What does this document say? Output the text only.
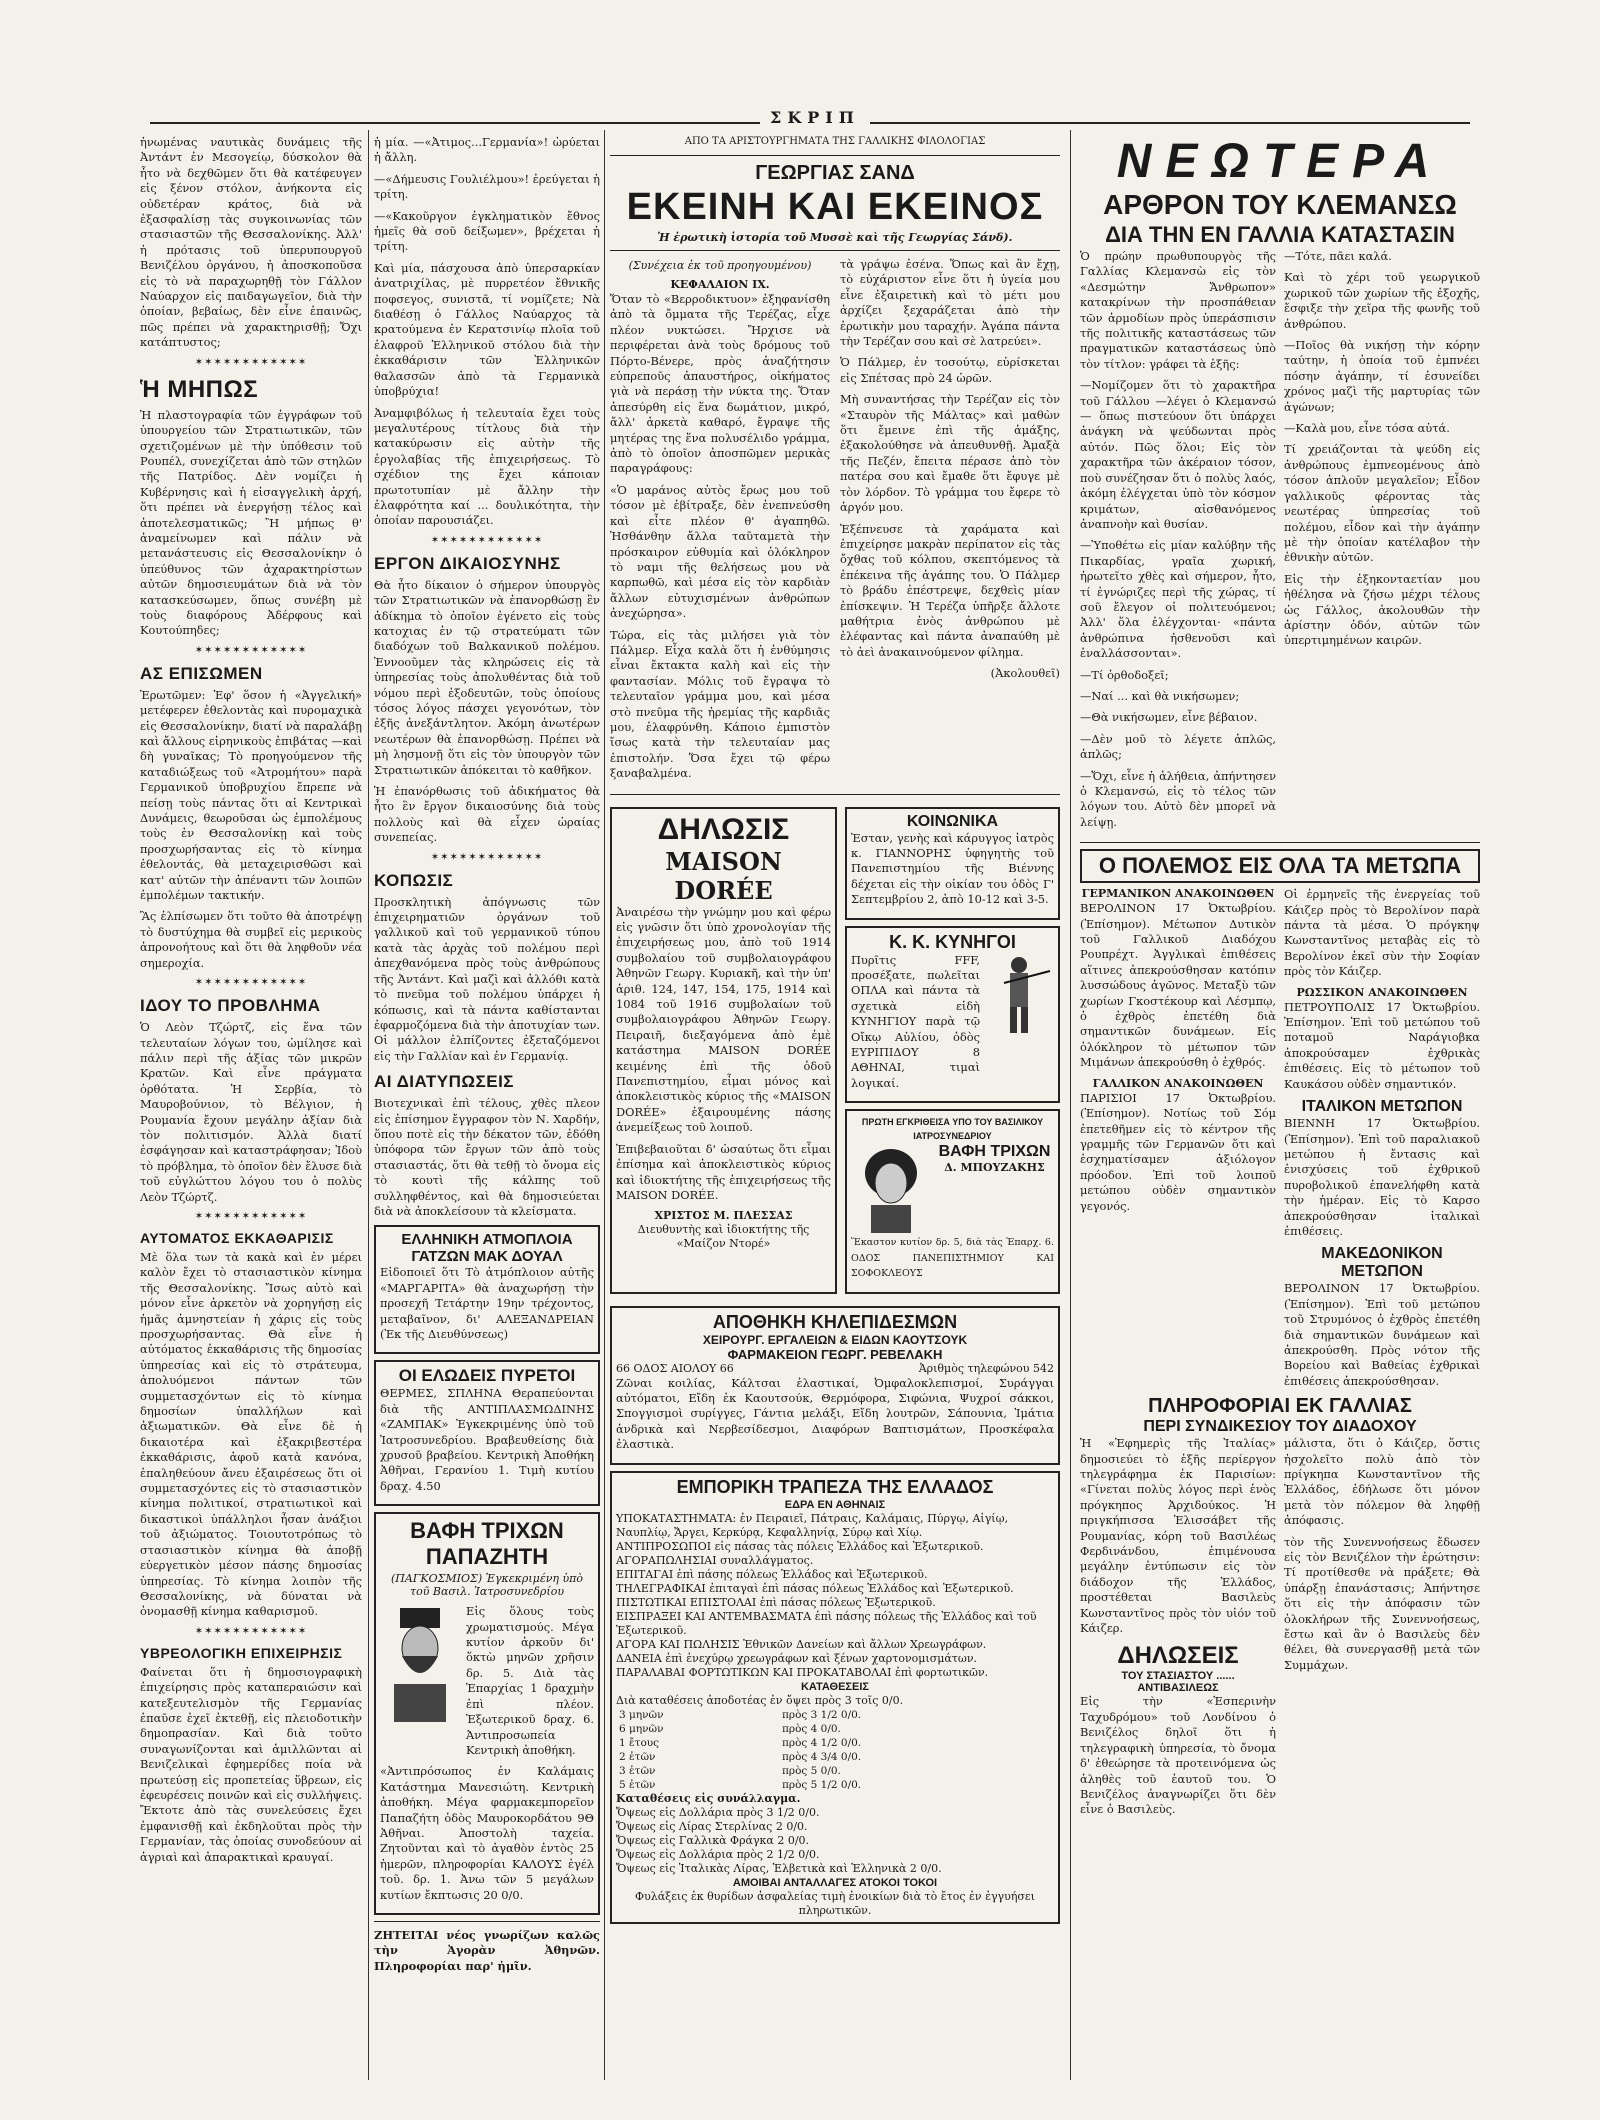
ΣΚΡΙΠ

ἡνωμένας ναυτικὰς δυνάμεις τῆς Ἀντάντ ἐν Μεσογείῳ, δύσκολον θὰ ἦτο νὰ δεχθῶμεν ὅτι θὰ κατέφευγεν εἰς ξένον στόλον, ἀνήκοντα εἰς οὐδετέραν κράτος, διὰ νὰ ἐξασφαλίσῃ τὰς συγκοινωνίας τῶν στασιαστῶν τῆς Θεσσαλονίκης. Ἀλλ' ἡ πρότασις τοῦ ὑπερυπουργοῦ Βενιζέλου ὀργάνου, ἡ ἀποσκοποῦσα εἰς τὸ νὰ παραχωρηθῇ τὸν Γάλλον Ναύαρχον εἰς παιδαγωγεῖον, διὰ τὴν ὁποίαν, βεβαίως, δὲν εἶνε ἐπαινῶς, πῶς πρέπει νὰ χαρακτηρισθῇ; Ὄχι κατάπτυστος;

✶✶✶✶✶✶✶✶✶✶✶✶
Ἡ ΜΗΠΩΣ

Ἡ πλαστογραφία τῶν ἐγγράφων τοῦ ὑπουργείου τῶν Στρατιωτικῶν, τῶν σχετιζομένων μὲ τὴν ὑπόθεσιν τοῦ Ρουπέλ, συνεχίζεται ἀπὸ τῶν στηλῶν τῆς Πατρίδος. Δὲν νομίζει ἡ Κυβέρνησις καὶ ἡ εἰσαγγελικὴ ἀρχή, ὅτι πρέπει νὰ ἐνεργήσῃ τέλος καὶ ἀποτελεσματικῶς; Ἢ μήπως θ' ἀναμείνωμεν καὶ πάλιν νὰ μετανάστευσις εἰς Θεσσαλονίκην ὁ ὑπεύθυνος τῶν ἀχαρακτηρίστων αὐτῶν δημοσιευμάτων διὰ νὰ τὸν κατασκεύσωμεν, ὅπως συνέβη μὲ τοὺς διαφόρους Ἀδέρφους καὶ Κουτούπηδες;

✶✶✶✶✶✶✶✶✶✶✶✶
ΑΣ ΕΠΙΣΩΜΕΝ

Ἐρωτῶμεν: Ἐφ' ὅσον ἡ «Ἀγγελική» μετέφερεν ἐθελοντὰς καὶ πυρομαχικὰ εἰς Θεσσαλονίκην, διατί νὰ παραλάβῃ καὶ ἄλλους εἰρηνικοὺς ἐπιβάτας —καὶ δὴ γυναῖκας; Τὸ προηγούμενον τῆς καταδιώξεως τοῦ «Ἀτρομήτου» παρὰ Γερμανικοῦ ὑποβρυχίου ἔπρεπε νὰ πείσῃ τοὺς πάντας ὅτι αἱ Κεντρικαὶ Δυνάμεις, θεωροῦσαι ὡς ἐμπολέμους τοὺς ἐν Θεσσαλονίκῃ καὶ τοὺς προσχωρήσαντας εἰς τὸ κίνημα ἐθελοντάς, θὰ μεταχειρισθῶσι καὶ κατ' αὐτῶν τὴν ἀπέναντι τῶν λοιπῶν ἐμπολέμων τακτικήν.

Ἂς ἐλπίσωμεν ὅτι τοῦτο θὰ ἀποτρέψῃ τὸ δυστύχημα θὰ συμβεῖ εἰς μερικοὺς ἀπρονοήτους καὶ ὅτι θὰ ληφθοῦν νέα σημεροχία.

✶✶✶✶✶✶✶✶✶✶✶✶
ΙΔΟΥ ΤΟ ΠΡΟΒΛΗΜΑ

Ὁ Λεὸν Τζώρτζ, εἰς ἕνα τῶν τελευταίων λόγων του, ὠμίλησε καὶ πάλιν περὶ τῆς ἀξίας τῶν μικρῶν Κρατῶν. Καὶ εἶνε πράγματα ὀρθότατα. Ἡ Σερβία, τὸ Μαυροβούνιον, τὸ Βέλγιον, ἡ Ρουμανία ἔχουν μεγάλην ἀξίαν διὰ τὸν πολιτισμόν. Ἀλλὰ διατί ἐσφάγησαν καὶ καταστράφησαν; Ἰδοὺ τὸ πρόβλημα, τὸ ὁποῖον δὲν ἔλυσε διὰ τοῦ εὐγλώττου λόγου του ὁ πολὺς Λεὸν Τζώρτζ.

✶✶✶✶✶✶✶✶✶✶✶✶
ΑΥΤΟΜΑΤΟΣ ΕΚΚΑΘΑΡΙΣΙΣ

Μὲ ὅλα των τὰ κακὰ καὶ ἐν μέρει καλὸν ἔχει τὸ στασιαστικὸν κίνημα τῆς Θεσσαλονίκης. Ἴσως αὐτὸ καὶ μόνον εἶνε ἀρκετὸν νὰ χορηγήσῃ εἰς ἡμᾶς ἀμνηστείαν ἡ χάρις εἰς τοὺς προσχωρήσαντας. Θὰ εἶνε ἡ αὐτόματος ἐκκαθάρισις τῆς δημοσίας ὑπηρεσίας καὶ εἰς τὸ στράτευμα, ἀπολυόμενοι πάντων τῶν συμμετασχόντων εἰς τὸ κίνημα δημοσίων ὑπαλλήλων καὶ ἀξιωματικῶν. Θὰ εἶνε δὲ ἡ δικαιοτέρα καὶ ἐξακριβεστέρα ἐκκαθάρισις, ἀφοῦ κατὰ κανόνα, ἐπαληθεύουν ἄνευ ἐξαιρέσεως ὅτι οἱ συμμετασχόντες εἰς τὸ στασιαστικὸν κίνημα πολιτικοί, στρατιωτικοὶ καὶ δικαστικοὶ ὑπάλληλοι ἦσαν ἀνάξιοι τοῦ ἀξιώματος. Τοιουτοτρόπως τὸ στασιαστικὸν κίνημα θὰ ἀποβῇ εὐεργετικὸν μέσον πάσης δημοσίας ὑπηρεσίας. Τὸ κίνημα λοιπὸν τῆς Θεσσαλονίκης, νὰ δύναται νὰ ὀνομασθῇ κίνημα καθαρισμοῦ.

✶✶✶✶✶✶✶✶✶✶✶✶
ΥΒΡΕΟΛΟΓΙΚΗ ΕΠΙΧΕΙΡΗΣΙΣ

Φαίνεται ὅτι ἡ δημοσιογραφικὴ ἐπιχείρησις πρὸς καταπεραιώσιν καὶ κατεξευτελισμὸν τῆς Γερμανίας ἐπαῦσε ἐχεῖ ἐκτεθῇ, εἰς πλειοδοτικὴν δημοπρασίαν. Καὶ διὰ τοῦτο συναγωνίζονται καὶ ἁμιλλῶνται αἱ Βενιζελικαὶ ἐφημερίδες ποία νὰ πρωτεύσῃ εἰς προπετείας ὕβρεων, εἰς ἐφευρέσεις ποινῶν καὶ εἰς συλλήψεις. Ἔκτοτε ἀπὸ τὰς συνελεύσεις ἔχει ἐμφανισθῇ καὶ ἐκδηλοῦται πρὸς τὴν Γερμανίαν, τὰς ὁποίας συνοδεύουν αἱ ἀγριαὶ καὶ ἀπαρακτικαὶ κραυγαί.

ἡ μία. —«Ἀτιμος...Γερμανία»! ὠρύεται ἡ ἄλλη.

—«Δήμευσις Γουλιέλμου»! ἐρεύγεται ἡ τρίτη.

—«Κακοῦργον ἐγκληματικὸν ἔθνος ἡμεῖς θὰ σοῦ δείξωμεν», βρέχεται ἡ τρίτη.

Καὶ μία, πάσχουσα ἀπὸ ὑπερσαρκίαν ἀνατριχίλας, μὲ πυρρετέον ἔθνικῆς ποφσεγος, συνιστᾶ, τί νομίζετε; Νὰ διαθέσῃ ὁ Γάλλος Ναύαρχος τὰ κρατούμενα ἐν Κερατσινίῳ πλοῖα τοῦ ἐλαφροῦ Ἑλληνικοῦ στόλου διὰ τὴν ἐκκαθάρισιν τῶν Ἑλληνικῶν θαλασσῶν ἀπὸ τὰ Γερμανικὰ ὑποβρύχια!

Ἀναμφιβόλως ἡ τελευταία ἔχει τοὺς μεγαλυτέρους τίτλους διὰ τὴν κατακύρωσιν εἰς αὐτὴν τῆς ἐργολαβίας τῆς ἐπιχειρήσεως. Τὸ σχέδιον της ἔχει κάποιαν πρωτοτυπίαν μὲ ἄλλην τὴν ἐλαφρότητα καί ... δουλικότητα, τὴν ὁποίαν παρουσιάζει.

✶✶✶✶✶✶✶✶✶✶✶✶
ΕΡΓΟΝ ΔΙΚΑΙΟΣΥΝΗΣ

Θὰ ἦτο δίκαιον ὁ σήμερον ὑπουργὸς τῶν Στρατιωτικῶν νὰ ἐπανορθώσῃ ἓν ἀδίκημα τὸ ὁποῖον ἐγένετο εἰς τοὺς κατοχιας ἐν τῷ στρατεύματι τῶν διαδόχων τοῦ Βαλκανικοῦ πολέμου. Ἐννοοῦμεν τὰς κληρώσεις εἰς τὰ ὑπηρεσίας τοὺς ἀπολυθέντας διὰ τοῦ νόμου περὶ ἐξοδευτῶν, τοὺς ὁποίους τόσος λόγος πάσχει γεγονότων, τὸν ἐξῆς ἀνεξάντλητον. Ἀκόμη ἀνωτέρων νεωτέρων θὰ ἐπανορθώσῃ. Πρέπει νὰ μὴ λησμονῇ ὅτι εἰς τὸν ὑπουργὸν τῶν Στρατιωτικῶν ἀπόκειται τὸ καθῆκον.

Ἡ ἐπανόρθωσις τοῦ ἀδικήματος θὰ ἦτο ἓν ἔργον δικαιοσύνης διὰ τοὺς πολλοὺς καὶ θὰ εἶχεν ὡραίας συνεπείας.

✶✶✶✶✶✶✶✶✶✶✶✶
ΚΟΠΩΣΙΣ

Προσκλητικὴ ἀπόγνωσις τῶν ἐπιχειρηματιῶν ὀργάνων τοῦ γαλλικοῦ καὶ τοῦ γερμανικοῦ τύπου κατὰ τὰς ἀρχὰς τοῦ πολέμου περὶ ἀπεχθανόμενα πρὸς τοὺς ἀνθρώπους τῆς Ἀντάντ. Καὶ μαζὶ καὶ ἀλλόθι κατὰ τὸ πνεῦμα τοῦ πολέμου ὑπάρχει ἡ κόπωσις, καὶ τὰ πάντα καθίστανται ἐφαρμοζόμενα διὰ τὴν ἀποτυχίαν των. Οἱ μάλλον ἐλπίζοντες ἐξεταζόμενοι εἰς τὴν Γαλλίαν καὶ ἐν Γερμανίᾳ.

ΑΙ ΔΙΑΤΥΠΩΣΕΙΣ

Βιοτεχνικαὶ ἐπὶ τέλους, χθὲς πλεον εἰς ἐπίσημον ἔγγραφον τὸν Ν. Χαρδήν, ὅπου ποτὲ εἰς τὴν δέκατον τῶν, ἐδόθη ὑπόφορα τῶν ἔργων τῶν ἀπὸ τοὺς στασιαστάς, ὅτι θὰ τεθῇ τὸ ὄνομα εἰς τὸ κουτὶ τῆς κάλπης τοῦ συλληφθέντος, καὶ θὰ δημοσιεύεται διὰ νὰ ἀποκλείσουν τὰ κλείσματα.

ΕΛΛΗΝΙΚΗ ΑΤΜΟΠΛΟΙΑ ΓΑΤΖΩΝ ΜΑΚ ΔΟΥΑΛ

Εἰδοποιεῖ ὅτι Τὸ ἀτμόπλοιον αὐτῆς «ΜΑΡΓΑΡΙΤΑ» θὰ ἀναχωρήσῃ τὴν προσεχῆ Τετάρτην 19ην τρέχοντος, μεταβαῖνον, δι' ΑΛΕΞΑΝΔΡΕΙΑΝ (Ἐκ τῆς Διευθύνσεως)

ΟΙ ΕΛΩΔΕΙΣ ΠΥΡΕΤΟΙ

ΘΕΡΜΕΣ, ΣΠΛΗΝΑ Θεραπεύονται διὰ τῆς ΑΝΤΙΠΛΑΣΜΩΔΙΝΗΣ «ΖΑΜΠΑΚ» Ἐγκεκριμένης ὑπὸ τοῦ Ἰατροσυνεδρίου. Βραβευθείσης διὰ χρυσοῦ βραβείου. Κεντρικὴ Ἀποθήκη Ἀθῆναι, Γερανίου 1. Τιμὴ κυτίου δραχ. 4.50

ΒΑΦΗ ΤΡΙΧΩΝ ΠΑΠΑΖΗΤΗ
(ΠΑΓΚΟΣΜΙΟΣ) Ἐγκεκριμένη ὑπὸ τοῦ Βασιλ. Ἰατροσυνεδρίου

Εἰς ὅλους τοὺς χρωματισμούς. Μέγα κυτίον ἀρκοῦν δι' ὅκτὼ μηνῶν χρῆσιν δρ. 5. Διὰ τὰς Ἐπαρχίας 1 δραχμὴν ἐπὶ πλέον. Ἐξωτερικοῦ δραχ. 6. Ἀντιπροσωπεία Κεντρικὴ ἀποθήκη.

«Ἀντιπρόσωπος ἐν Καλάμαις Κατάστημα Μανεσιώτη. Κεντρικὴ ἀποθήκη. Μέγα φαρμακεμπορεῖον Παπαζήτη ὁδὸς Μαυροκορδάτου 9Θ Ἀθῆναι. Ἀποστολὴ ταχεία. Ζητοῦνται καὶ τὸ ἀγαθὸν ἐντὸς 25 ἡμερῶν, πληροφορίαι ΚΑΛΟΥΣ ἐγέλ τοῦ. δρ. 1. Ἀνω τῶν 5 μεγάλων κυτίων ἔκπτωσις 20 0/0.

ΖΗΤΕΙΤΑΙ νέος γνωρίζων καλῶς τὴν Ἀγορὰν Ἀθηνῶν. Πληροφορίαι παρ' ἡμῖν.

ΑΠΟ ΤΑ ΑΡΙΣΤΟΥΡΓΗΜΑΤΑ ΤΗΣ ΓΑΛΛΙΚΗΣ ΦΙΛΟΛΟΓΙΑΣ
ΓΕΩΡΓΙΑΣ ΣΑΝΔ
ΕΚΕΙΝΗ ΚΑΙ ΕΚΕΙΝΟΣ
Ἡ ἐρωτικὴ ἱστορία τοῦ Μυσσὲ καὶ τῆς Γεωργίας Σάνδ).
(Συνέχεια ἐκ τοῦ προηγουμένου)
ΚΕΦΑΛΑΙΟΝ ΙΧ.

Ὅταν τὸ «Βερροδικτυον» ἐξηφανίσθη ἀπὸ τὰ ὄμματα τῆς Τερέζας, εἶχε πλέον νυκτώσει. Ἤρχισε νὰ περιφέρεται ἀνὰ τοὺς δρόμους τοῦ Πόρτο-Βένερε, πρὸς ἀναζήτησιν εὐπρεποῦς ἀπαυστήρος, οἰκήματος γιὰ νὰ περάσῃ τὴν νύκτα της. Ὅταν ἀπεσύρθη εἰς ἕνα δωμάτιον, μικρό, ἄλλ' ἀρκετὰ καθαρό, ἔγραψε τῆς μητέρας της ἕνα πολυσέλιδο γράμμα, ἀπὸ τὸ ὁποῖον ἀποσπῶμεν μερικὰς παραγράφους:

«Ὁ μαράνος αὐτὸς ἔρως μου τοῦ τόσον μὲ ἐβίτραξε, δὲν ἐνεπνεύσθη καὶ εἶτε πλέον θ' ἀγαπηθῶ. Ἠσθάνθην ἄλλα ταῦταμετὰ τὴν πρόσκαιρον εὐθυμία καὶ ὁλόκληρον τὸ ναμι τῆς θελήσεως μου νὰ καρπωθῶ, καὶ μέσα εἰς τὸν καρδιὰν ἄλλων εὐτυχισμένων ἀνθρώπων ἀνεχώρησα».

Τώρα, εἰς τὰς μιλήσει γιὰ τὸν Πάλμερ. Εἶχα καλὰ ὅτι ἡ ἐνθύμησις εἶναι ἔκτακτα καλὴ καὶ εἰς τὴν φαντασίαν. Μόλις τοῦ ἔγραψα τὸ τελευταῖον γράμμα μου, καὶ μέσα στὸ πνεῦμα τῆς ἠρεμίας τῆς καρδιᾶς μου, ἐλαφρύνθη. Κάποιο ἐμπιστὸν ἴσως κατὰ τὴν τελευταίαν μας ἐπιστολήν. Ὅσα ἔχει τῷ φέρω ξαναβαλμένα.

τὰ γράψω ἐσένα. Ὅπως καὶ ἂν ἔχῃ, τὸ εὐχάριστον εἶνε ὅτι ἡ ὑγεία μου εἶνε ἐξαιρετικὴ καὶ τὸ μέτι μου ἀρχίζει ξεχαράζεται ἀπὸ τὴν ἐρωτικὴν μου ταραχήν. Ἀγάπα πάντα τὴν Τερέζαν σου καὶ σὲ λατρεύει».

Ὁ Πάλμερ, ἐν τοσούτῳ, εὑρίσκεται εἰς Σπέτσας πρὸ 24 ὡρῶν.

Μὴ συναντήσας τὴν Τερέζαν εἰς τὸν «Σταυρὸν τῆς Μάλτας» καὶ μαθὼν ὅτι ἔμεινε ἐπὶ τῆς ἀμάξης, ἐξακολούθησε νὰ ἀπευθυνθῇ. Ἀμαξὰ τῆς Πεζέν, ἔπειτα πέρασε ἀπὸ τὸν πατέρα σου καὶ ἔμαθε ὅτι ἔφυγε μὲ τὸν λόρδον. Τὸ γράμμα του ἔφερε τὸ ἀργόν μου.

Ἐξέπνευσε τὰ χαράματα καὶ ἐπιχείρησε μακρὰν περίπατον εἰς τὰς ὄχθας τοῦ κόλπου, σκεπτόμενος τὰ ἐπέκεινα τῆς ἀγάπης του. Ὁ Πάλμερ τὸ βράδυ ἐπέστρεψε, δεχθεὶς μίαν ἐπίσκεψιν. Ἡ Τερέζα ὑπῆρξε ἄλλοτε μαθήτρια ἑνὸς ἀνθρώπου μὲ ἐλέφαντας καὶ πάντα ἀναπαύθη μὲ τὸ ἀεὶ ἀνακαινούμενον φίλημα.

(Ἀκολουθεῖ)

ΔΗΛΩΣΙΣ
MAISON DORÉE

Ἀναιρέσω τὴν γνώμην μου καὶ φέρω εἰς γνῶσιν ὅτι ὑπὸ χρονολογίαν τῆς ἐπιχειρήσεως μου, ἀπὸ τοῦ 1914 συμβολαίου τοῦ συμβολαιογράφου Ἀθηνῶν Γεωργ. Κυριακῆ, καὶ τὴν ὑπ' ἀριθ. 124, 147, 154, 175, 1914 καὶ 1084 τοῦ 1916 συμβολαίων τοῦ συμβολαιογράφου Ἀθηνῶν Γεωργ. Πειραιῆ, διεξαγόμενα ἀπὸ ἐμὲ κατάστημα MAISON DORÉE κειμένης ἐπὶ τῆς ὁδοῦ Πανεπιστημίου, εἶμαι μόνος καὶ ἀποκλειστικὸς κύριος τῆς «MAISON DORÉE» ἐξαιρουμένης πάσης ἀνεμείξεως τοῦ λοιποῦ.

Ἐπιβεβαιοῦται δ' ὡσαύτως ὅτι εἶμαι ἐπίσημα καὶ ἀποκλειστικὸς κύριος καὶ ἰδιοκτήτης τῆς ἐπιχειρήσεως τῆς MAISON DORÉE.

ΧΡΙΣΤΟΣ Μ. ΠΛΕΣΣΑΣ
Διευθυντὴς καὶ ἰδιοκτήτης τῆς «Μαίζον Ντορέ»
ΚΟΙΝΩΝΙΚΑ

Ἐσταν, γενὴς καὶ κάρυγγος ἰατρὸς κ. ΓΙΑΝΝΟΡΗΣ ὑφηγητὴς τοῦ Πανεπιστημίου τῆς Βιέννης δέχεται εἰς τὴν οἰκίαν του ὁδὸς Γ' Σεπτεμβρίου 2, ἀπὸ 10-12 καὶ 3-5.

Κ. Κ. ΚΥΝΗΓΟΙ

Πυρῖτις FFF, προσέξατε, πωλεῖται ΟΠΛΑ καὶ πάντα τὰ σχετικὰ εἰδὴ ΚΥΝΗΓΙΟΥ παρὰ τῷ Οἴκῳ Αὐλίου, ὁδὸς ΕΥΡΙΠΙΔΟΥ 8 ΑΘΗΝΑΙ, τιμαὶ λογικαί.

ΠΡΩΤΗ ΕΓΚΡΙΘΕΙΣΑ ΥΠΟ ΤΟΥ ΒΑΣΙΛΙΚΟΥ ΙΑΤΡΟΣΥΝΕΔΡΙΟΥ
ΒΑΦΗ ΤΡΙΧΩΝ
Δ. ΜΠΟΥΖΑΚΗΣ

Ἕκαστον κυτίον δρ. 5, διὰ τὰς Ἐπαρχ. 6. ΟΔΟΣ ΠΑΝΕΠΙΣΤΗΜΙΟΥ ΚΑΙ ΣΟΦΟΚΛΕΟΥΣ

ΑΠΟΘΗΚΗ ΚΗΛΕΠΙΔΕΣΜΩΝ
ΧΕΙΡΟΥΡΓ. ΕΡΓΑΛΕΙΩΝ & ΕΙΔΩΝ ΚΑΟΥΤΣΟΥΚ
ΦΑΡΜΑΚΕΙΟΝ ΓΕΩΡΓ. ΡΕΒΕΛΑΚΗ
66 ΟΔΟΣ ΑΙΟΛΟΥ 66	Ἀριθμὸς τηλεφώνου 542

Ζῶναι κοιλίας, Κάλτσαι ἐλαστικαί, Ὀμφαλοκλεπισμοί, Συράγγαι αὐτόματοι, Εἴδη ἐκ Καουτσούκ, Θερμόφορα, Σιφώνια, Ψυχροί σάκκοι, Σπογγισμοὶ συρίγγες, Γάντια μελάξι, Εἴδη λουτρῶν, Σάπουνια, Ἰμάτια ἀνδρικὰ καὶ Νερβεσίδεσμοι, Διαφόρων Βαπτισμάτων, Προσκέφαλα ἐλαστικὰ.

ΕΜΠΟΡΙΚΗ ΤΡΑΠΕΖΑ ΤΗΣ ΕΛΛΑΔΟΣ
ΕΔΡΑ ΕΝ ΑΘΗΝΑΙΣ
ΥΠΟΚΑΤΑΣΤΗΜΑΤΑ: ἐν Πειραιεῖ, Πάτραις, Καλάμαις, Πύργῳ, Αἰγίῳ, Ναυπλίῳ, Ἄργει, Κερκύρᾳ, Κεφαλληνίᾳ, Σύρῳ καὶ Χίῳ.
ΑΝΤΙΠΡΟΣΩΠΟΙ εἰς πάσας τὰς πόλεις Ἑλλάδος καὶ Ἐξωτερικοῦ.
ΑΓΟΡΑΠΩΛΗΣΙΑΙ συναλλάγματος.
ΕΠΙΤΑΓΑΙ ἐπὶ πάσης πόλεως Ἑλλάδος καὶ Ἐξωτερικοῦ.
ΤΗΛΕΓΡΑΦΙΚΑΙ ἐπιταγαὶ ἐπὶ πάσας πόλεως Ἑλλάδος καὶ Ἐξωτερικοῦ.
ΠΙΣΤΩΤΙΚΑΙ ΕΠΙΣΤΟΛΑΙ ἐπὶ πάσας πόλεως Ἐξωτερικοῦ.
ΕΙΣΠΡΑΞΕΙ ΚΑΙ ΑΝΤΕΜΒΑΣΜΑΤΑ ἐπὶ πάσης πόλεως τῆς Ἑλλάδος καὶ τοῦ Ἐξωτερικοῦ.
ΑΓΟΡΑ ΚΑΙ ΠΩΛΗΣΙΣ Ἐθνικῶν Δανείων καὶ ἄλλων Χρεωγράφων.
ΔΑΝΕΙΑ ἐπὶ ἐνεχύρῳ χρεωγράφων καὶ ξένων χαρτονομισμάτων.
ΠΑΡΑΛΑΒΑΙ ΦΟΡΤΩΤΙΚΩΝ ΚΑΙ ΠΡΟΚΑΤΑΒΟΛΑΙ ἐπὶ φορτωτικῶν.
ΚΑΤΑΘΕΣΕΙΣ
Διὰ καταθέσεις ἀποδοτέας ἐν ὄψει πρὸς 3 τοῖς 0/0.
3 μηνῶν	πρὸς 3 1/2 0/0.
6 μηνῶν	πρὸς 4 0/0.
1 ἔτους	πρὸς 4 1/2 0/0.
2 ἐτῶν	πρὸς 4 3/4 0/0.
3 ἐτῶν	πρὸς 5 0/0.
5 ἐτῶν	πρὸς 5 1/2 0/0.
Καταθέσεις εἰς συνάλλαγμα.
Ὄψεως εἰς Δολλάρια πρὸς 3 1/2 0/0.
Ὄψεως εἰς Λίρας Στερλίνας 2 0/0.
Ὄψεως εἰς Γαλλικὰ Φράγκα 2 0/0.
Ὄψεως εἰς Δολλάρια πρὸς 2 1/2 0/0.
Ὄψεως εἰς Ἰταλικὰς Λίρας, Ἑλβετικὰ καὶ Ἑλληνικὰ 2 0/0.
ΑΜΟΙΒΑΙ ΑΝΤΑΛΛΑΓΕΣ ΑΤΟΚΟΙ ΤΟΚΟΙ
Φυλάξεις ἐκ θυρίδων ἀσφαλείας τιμὴ ἐνοικίων διὰ τὸ ἔτος ἐν ἐγγυήσει πληρωτικῶν.
ΝΕΩΤΕΡΑ
ΑΡΘΡΟΝ ΤΟΥ ΚΛΕΜΑΝΣΩ
ΔΙΑ ΤΗΝ ΕΝ ΓΑΛΛΙΑ ΚΑΤΑΣΤΑΣΙΝ

Ὁ πρώην πρωθυπουργὸς τῆς Γαλλίας Κλεμανσὼ εἰς τὸν «Δεσμώτην Ἄνθρωπον» κατακρίνων τὴν προσπάθειαν τῶν ἀρμοδίων πρὸς ὑπεράσπισιν τῆς πολιτικῆς καταστάσεως τῶν πραγματικῶν καταστάσεως ὑπὸ τὸν τίτλον: γράφει τὰ ἑξῆς:

—Νομίζομεν ὅτι τὸ χαρακτῆρα τοῦ Γάλλου —λέγει ὁ Κλεμανσώ— ὅπως πιστεύουν ὅτι ὑπάρχει ἀνάγκη νὰ ψεύδωνται πρὸς αὐτόν. Πῶς ὅλοι; Εἰς τὸν χαρακτῆρα τῶν ἀκέραιον τόσον, ποὺ συνέζησαν ὅτι ὁ πολὺς λαός, ἀκόμη ἐλέγχεται ὑπὸ τὸν κόσμον κριμάτων, αἰσθανόμενος ἀναπνοὴν καὶ θυσίαν.

—Ὑποθέτω εἰς μίαν καλύβην τῆς Πικαρδίας, γραῖα χωρική, ἠρωτεῖτο χθὲς καὶ σήμερον, ἦτο, τί ἐγνώριζες περὶ τῆς χώρας, τί σοῦ ἔλεγον οἱ πολιτευόμενοι; Ἀλλ' ὅλα ἐλέγχονται· «πάντα ἀνθρώπινα ἠσθενοῦσι καὶ ἐναλλάσσονται».

—Τί ὀρθοδοξεῖ;

—Ναί ... καὶ θὰ νικήσωμεν;

—Θὰ νικήσωμεν, εἶνε βέβαιον.

—Δὲν μοῦ τὸ λέγετε ἁπλῶς, ἁπλῶς;

—Ὄχι, εἶνε ἡ ἀλήθεια, ἀπήντησεν ὁ Κλεμανσώ, εἰς τὸ τέλος τῶν λόγων του. Αὐτὸ δὲν μπορεῖ νὰ λείψῃ.

—Τότε, πᾶει καλά.

Καὶ τὸ χέρι τοῦ γεωργικοῦ χωρικοῦ τῶν χωρίων τῆς ἐξοχῆς, ἔσφιξε τὴν χεῖρα τῆς φωνῆς τοῦ ἀνθρώπου.

—Ποῖος θὰ νικήσῃ τὴν κόρην ταύτην, ἡ ὁποία τοῦ ἐμπνέει πόσην ἀγάπην, τί ἐσυνείδει χρόνος μαζὶ τῆς μαρτυρίας τῶν ἀγώνων;

—Καλὰ μου, εἶνε τόσα αὐτά.

Τί χρειάζονται τὰ ψεύδη εἰς ἀνθρώπους ἐμπνεομένους ἀπὸ τόσον ἀπλοῦν μεγαλεῖον; Εἶδον γαλλικοῦς φέροντας τὰς νεωτέρας ὑπηρεσίας τοῦ πολέμου, εἶδον καὶ τὴν ἀγάπην μὲ τὴν ὁποίαν κατέλαβον τὴν ἐθνικὴν αὐτῶν.

Εἰς τὴν ἑξηκονταετίαν μου ἠθέλησα νὰ ζήσω μέχρι τέλους ὡς Γάλλος, ἀκολουθῶν τὴν ἀρίστην ὁδόν, αὐτῶν τῶν ὑπερτιμημένων καιρῶν.

Ο ΠΟΛΕΜΟΣ ΕΙΣ ΟΛΑ ΤΑ ΜΕΤΩΠΑ
ΓΕΡΜΑΝΙΚΟΝ ΑΝΑΚΟΙΝΩΘΕΝ

ΒΕΡΟΛΙΝΟΝ 17 Ὀκτωβρίου. (Ἐπίσημον). Μέτωπον Δυτικὸν τοῦ Γαλλικοῦ Διαδόχου Ρουπρέχτ. Ἀγγλικαὶ ἐπιθέσεις αἵτινες ἀπεκρούσθησαν κατόπιν λυσσώδους ἀγῶνος. Μεταξὺ τῶν χωρίων Γκοστέκουρ καὶ Λέσμπῳ, ὁ ἐχθρὸς ἐπετέθη διὰ σημαντικῶν δυνάμεων. Εἰς ὁλόκληρον τὸ μέτωπον τῶν Μιμάνων ἀπεκρούσθη ὁ ἐχθρός.

ΓΑΛΛΙΚΟΝ ΑΝΑΚΟΙΝΩΘΕΝ

ΠΑΡΙΣΙΟΙ 17 Ὀκτωβρίου. (Ἐπίσημον). Νοτίως τοῦ Σόμ ἐπετεθῆμεν εἰς τὸ κέντρον τῆς γραμμῆς τῶν Γερμανῶν ὅτι καὶ ἐσχηματίσαμεν ἀξιόλογον πρόοδον. Ἐπὶ τοῦ λοιποῦ μετώπου οὐδὲν σημαντικὸν γεγονός.

Οἱ ἐρμηνεῖς τῆς ἐνεργείας τοῦ Κάιζερ πρὸς τὸ Βερολίνον παρὰ πάντα τὰ μέσα. Ὁ πρόγκηψ Κωνσταντῖνος μεταβὰς εἰς τὸ Βερολίνον ἐκεῖ σὺν τὴν Σοφίαν πρὸς τὸν Κάιζερ.

ΡΩΣΣΙΚΟΝ ΑΝΑΚΟΙΝΩΘΕΝ

ΠΕΤΡΟΥΠΟΛΙΣ 17 Ὀκτωβρίου. Ἐπίσημον. Ἐπὶ τοῦ μετώπου τοῦ ποταμοῦ Ναράγιοβκα ἀποκρούσαμεν ἐχθρικὰς ἐπιθέσεις. Εἰς τὸ μέτωπον τοῦ Καυκάσου οὐδὲν σημαντικόν.

ΙΤΑΛΙΚΟΝ ΜΕΤΩΠΟΝ

ΒΙΕΝΝΗ 17 Ὀκτωβρίου. (Ἐπίσημον). Ἐπὶ τοῦ παραλιακοῦ μετώπου ἡ ἔντασις καὶ ἐνισχύσεις τοῦ ἐχθρικοῦ πυροβολικοῦ ἐπανελήφθη κατὰ τὴν ἡμέραν. Εἰς τὸ Καρσο ἀπεκρούσθησαν ἰταλικαὶ ἐπιθέσεις.

ΜΑΚΕΔΟΝΙΚΟΝ ΜΕΤΩΠΟΝ

ΒΕΡΟΛΙΝΟΝ 17 Ὀκτωβρίου. (Ἐπίσημον). Ἐπὶ τοῦ μετώπου τοῦ Στρυμόνος ὁ ἐχθρὸς ἐπετέθη διὰ σημαντικῶν δυνάμεων καὶ ἀπεκρούσθη. Πρὸς νότον τῆς Βορείου καὶ Βαθείας ἐχθρικαὶ ἐπιθέσεις ἀπεκρούσθησαν.

ΠΛΗΡΟΦΟΡΙΑΙ ΕΚ ΓΑΛΛΙΑΣ
ΠΕΡΙ ΣΥΝΔΙΚΕΣΙΟΥ ΤΟΥ ΔΙΑΔΟΧΟΥ

Ἡ «Ἐφημερὶς τῆς Ἰταλίας» δημοσιεύει τὸ ἑξῆς περίεργον τηλεγράφημα ἐκ Παρισίων: «Γίνεται πολὺς λόγος περὶ ἑνὸς πρόγκηπος Ἀρχιδούκος. Ἡ πριγκήπισσα Ἐλισσάβετ τῆς Ρουμανίας, κόρη τοῦ Βασιλέως Φερδινάνδου, ἐπιμένουσα μεγάλην ἐντύπωσιν εἰς τὸν διάδοχον τῆς Ἑλλάδος, προστέθεται Βασιλεὺς Κωνσταντῖνος πρὸς τὸν υἱόν τοῦ Κάιζερ.

ΔΗΛΩΣΕΙΣ
ΤΟΥ ΣΤΑΣΙΑΣΤΟΥ ...... ΑΝΤΙΒΑΣΙΛΕΩΣ

Εἰς τὴν «Ἑσπερινὴν Ταχυδρόμου» τοῦ Λονδίνου ὁ Βενιζέλος δηλοῖ ὅτι ἡ τηλεγραφικὴ ὑπηρεσία, τὸ ὄνομα δ' ἐθεώρησε τὰ προτεινόμενα ὡς ἀληθὲς τοῦ ἑαυτοῦ του. Ὁ Βενιζέλος ἀναγνωρίζει ὅτι δὲν εἶνε ὁ Βασιλεὺς.

μάλιστα, ὅτι ὁ Κάιζερ, ὅστις ἠσχολεῖτο πολὺ ἀπὸ τὸν πρίγκηπα Κωνσταντῖνον τῆς Ἑλλάδος, ἐδήλωσε ὅτι μόνον μετὰ τὸν πόλεμον θὰ ληφθῇ ἀπόφασις.

τὸν τῆς Συνεννοήσεως ἔδωσεν εἰς τὸν Βενιζέλον τὴν ἐρώτησιν: Τί προτίθεσθε νὰ πράξετε; Θὰ ὑπάρξῃ ἐπανάστασις; Ἀπήντησε ὅτι εἰς τὴν ἀπόφασιν τῶν ὁλοκλήρων τῆς Συνεννοήσεως, ἔστω καὶ ἂν ὁ Βασιλεὺς δὲν θέλει, θὰ συνεργασθῇ μετὰ τῶν Συμμάχων.
